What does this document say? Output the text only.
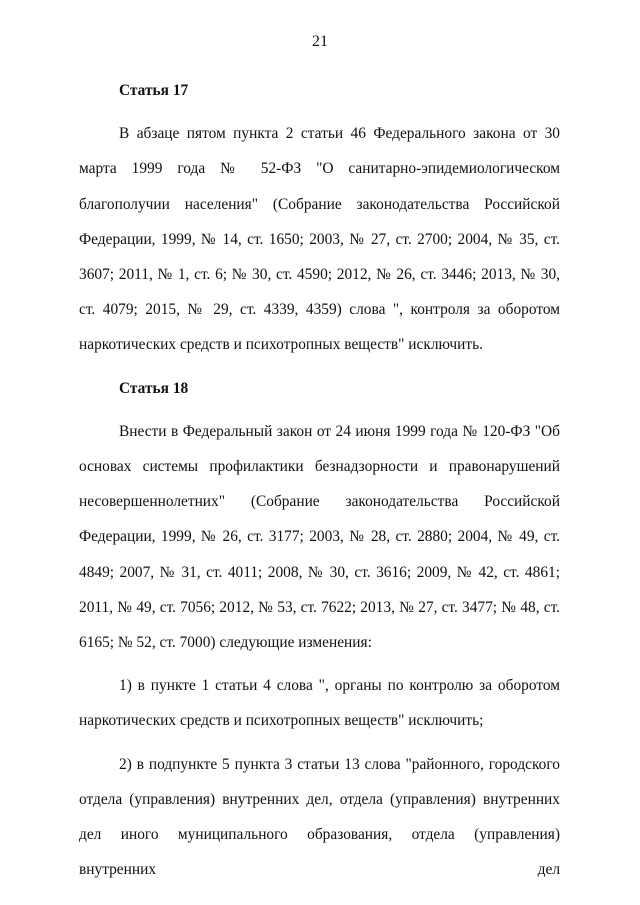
21

Статья 17

В абзаце пятом пункта 2 статьи 46 Федерального закона от 30 марта 1999 года № 52-ФЗ "О санитарно-эпидемиологическом благополучии населения" (Собрание законодательства Российской Федерации, 1999, № 14, ст. 1650; 2003, № 27, ст. 2700; 2004, № 35, ст. 3607; 2011, № 1, ст. 6; № 30, ст. 4590; 2012, № 26, ст. 3446; 2013, № 30, ст. 4079; 2015, № 29, ст. 4339, 4359) слова ", контроля за оборотом наркотических средств и психотропных веществ" исключить.

Статья 18

Внести в Федеральный закон от 24 июня 1999 года № 120-ФЗ "Об основах системы профилактики безнадзорности и правонарушений несовершеннолетних" (Собрание законодательства Российской Федерации, 1999, № 26, ст. 3177; 2003, № 28, ст. 2880; 2004, № 49, ст. 4849; 2007, № 31, ст. 4011; 2008, № 30, ст. 3616; 2009, № 42, ст. 4861; 2011, № 49, ст. 7056; 2012, № 53, ст. 7622; 2013, № 27, ст. 3477; № 48, ст. 6165; № 52, ст. 7000) следующие изменения:

1) в пункте 1 статьи 4 слова ", органы по контролю за оборотом наркотических средств и психотропных веществ" исключить;

2) в подпункте 5 пункта 3 статьи 13 слова "районного, городского отдела (управления) внутренних дел, отдела (управления) внутренних дел иного муниципального образования, отдела (управления) внутренних дел
